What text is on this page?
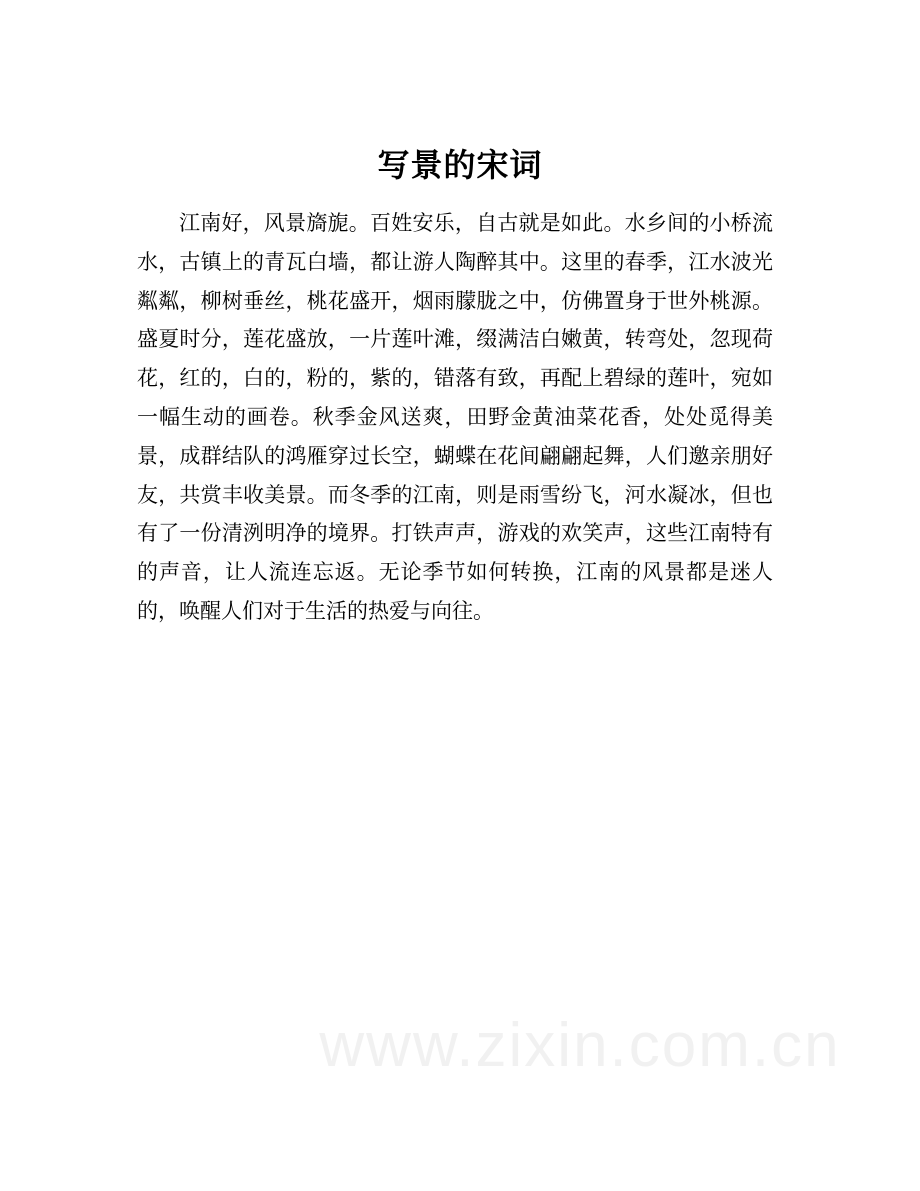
写景的宋词

江南好，风景旖旎。百姓安乐，自古就是如此。水乡间的小桥流水，古镇上的青瓦白墙，都让游人陶醉其中。这里的春季，江水波光粼粼，柳树垂丝，桃花盛开，烟雨朦胧之中，仿佛置身于世外桃源。盛夏时分，莲花盛放，一片莲叶滩，缀满洁白嫩黄，转弯处，忽现荷花，红的，白的，粉的，紫的，错落有致，再配上碧绿的莲叶，宛如一幅生动的画卷。秋季金风送爽，田野金黄油菜花香，处处觅得美景，成群结队的鸿雁穿过长空，蝴蝶在花间翩翩起舞，人们邀亲朋好友，共赏丰收美景。而冬季的江南，则是雨雪纷飞，河水凝冰，但也有了一份清洌明净的境界。打铁声声，游戏的欢笑声，这些江南特有的声音，让人流连忘返。无论季节如何转换，江南的风景都是迷人的，唤醒人们对于生活的热爱与向往。

www.zixin.com.cn
